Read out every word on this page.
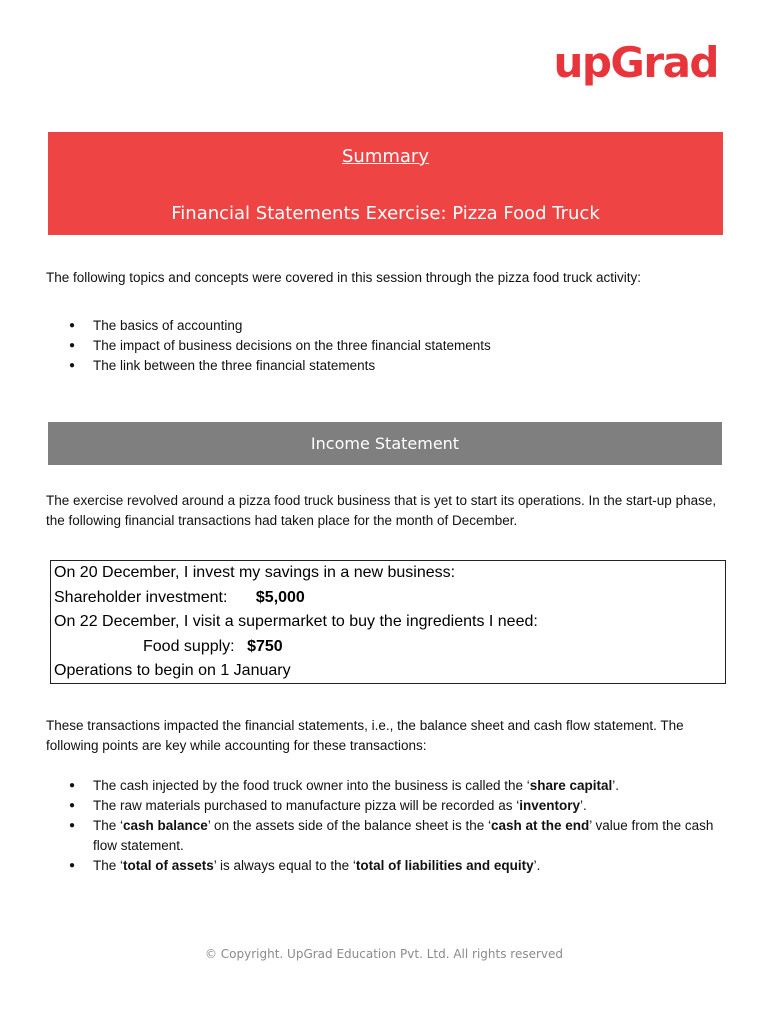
upGrad
Summary
Financial Statements Exercise: Pizza Food Truck
The following topics and concepts were covered in this session through the pizza food truck activity:
● The basics of accounting
● The impact of business decisions on the three financial statements
● The link between the three financial statements
Income Statement
The exercise revolved around a pizza food truck business that is yet to start its operations. In the start-up phase, the following financial transactions had taken place for the month of December.
On 20 December, I invest my savings in a new business:
Shareholder investment: $5,000
On 22 December, I visit a supermarket to buy the ingredients I need:
Food supply: $750
Operations to begin on 1 January
These transactions impacted the financial statements, i.e., the balance sheet and cash flow statement. The following points are key while accounting for these transactions:
● The cash injected by the food truck owner into the business is called the ‘share capital’.
● The raw materials purchased to manufacture pizza will be recorded as ‘inventory’.
● The ‘cash balance’ on the assets side of the balance sheet is the ‘cash at the end’ value from the cash flow statement.
● The ‘total of assets’ is always equal to the ‘total of liabilities and equity’.
© Copyright. UpGrad Education Pvt. Ltd. All rights reserved
